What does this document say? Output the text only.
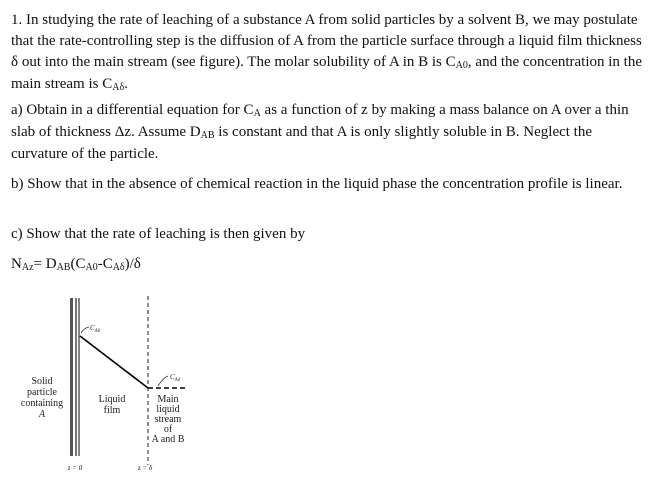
1. In studying the rate of leaching of a substance A from solid particles by a solvent B, we may postulate that the rate-controlling step is the diffusion of A from the particle surface through a liquid film thickness δ out into the main stream (see figure). The molar solubility of A in B is $C_{A0}$, and the concentration in the main stream is $C_{A\delta}$.

a) Obtain in a differential equation for $C_A$ as a function of z by making a mass balance on A over a thin slab of thickness Δz. Assume $D_{AB}$ is constant and that A is only slightly soluble in B. Neglect the curvature of the particle.

b) Show that in the absence of chemical reaction in the liquid phase the concentration profile is linear.

c) Show that the rate of leaching is then given by

$N_{Az}= D_{AB}(C_{A0}-C_{A\delta})/\delta$

$C_{A0}$
$C_{A\delta}$
Solid
particle
containing
A
Liquid
film
Main
liquid
stream
of
A and B
z = 0	z = δ
